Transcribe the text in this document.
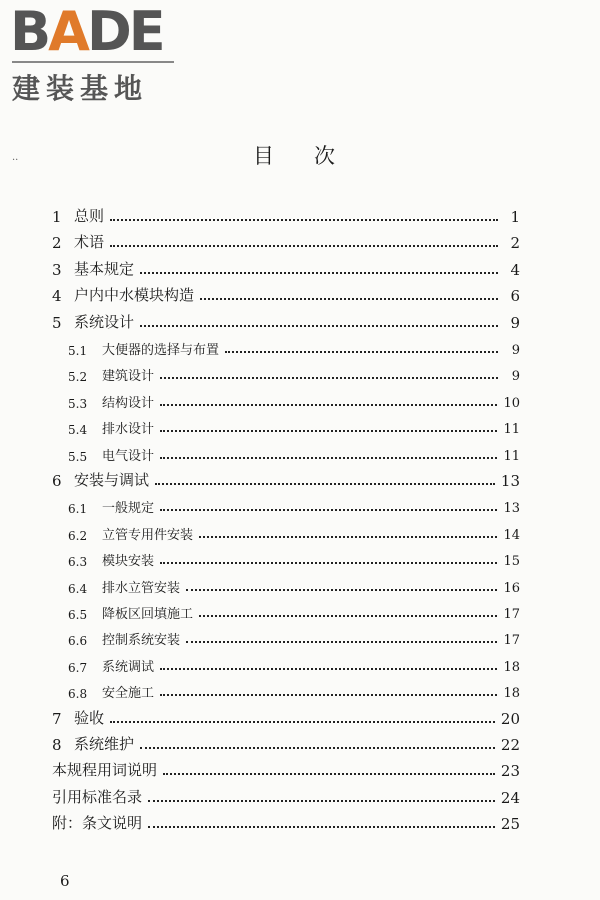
BADE
建装基地
··	目次
1 总则	1
2 术语	2
3 基本规定	4
4 户内中水模块构造	6
5 系统设计	9
5.1	大便器的选择与布置	9
5.2	建筑设计	9
5.3	结构设计	10
5.4	排水设计	11
5.5	电气设计	11
6 安装与调试	13
6.1	一般规定	13
6.2	立管专用件安装	14
6.3	模块安装	15
6.4	排水立管安装	16
6.5	降板区回填施工	17
6.6	控制系统安装	17
6.7	系统调试	18
6.8	安全施工	18
7 验收	20
8 系统维护	22
本规程用词说明	23
引用标准名录	24
附：条文说明	25
6
